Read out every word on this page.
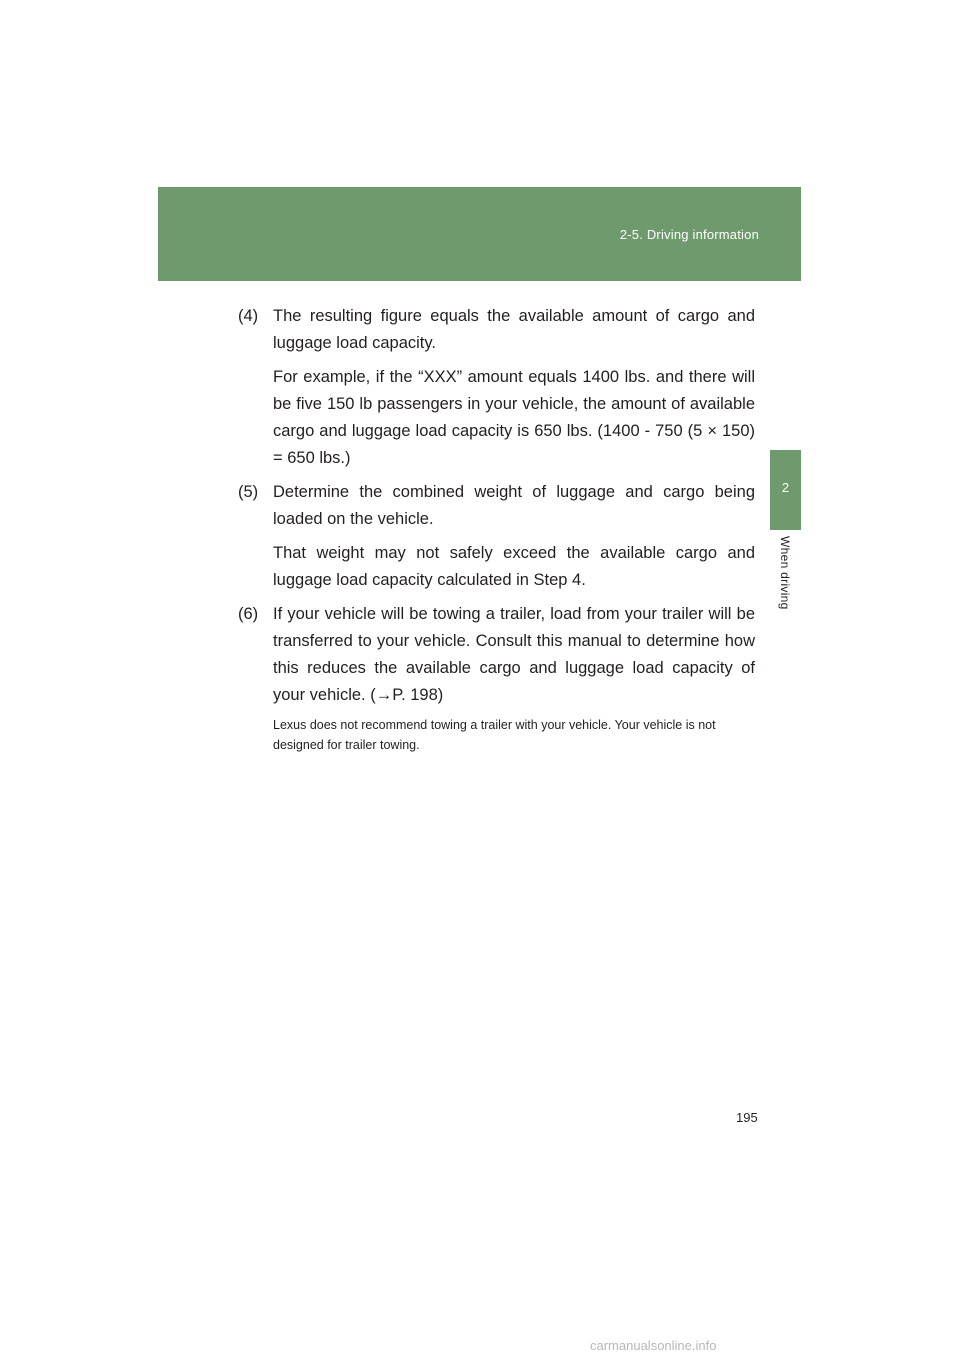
2-5. Driving information
2
When driving
(4) The resulting figure equals the available amount of cargo and luggage load capacity.

For example, if the “XXX” amount equals 1400 lbs. and there will be five 150 lb passengers in your vehicle, the amount of available cargo and luggage load capacity is 650 lbs. (1400 - 750 (5 × 150) = 650 lbs.)

(5) Determine the combined weight of luggage and cargo being loaded on the vehicle.

That weight may not safely exceed the available cargo and luggage load capacity calculated in Step 4.

(6) If your vehicle will be towing a trailer, load from your trailer will be transferred to your vehicle. Consult this manual to determine how this reduces the available cargo and luggage load capacity of your vehicle. (→P. 198)

Lexus does not recommend towing a trailer with your vehicle. Your vehicle is not designed for trailer towing.

195
carmanualsonline.info
